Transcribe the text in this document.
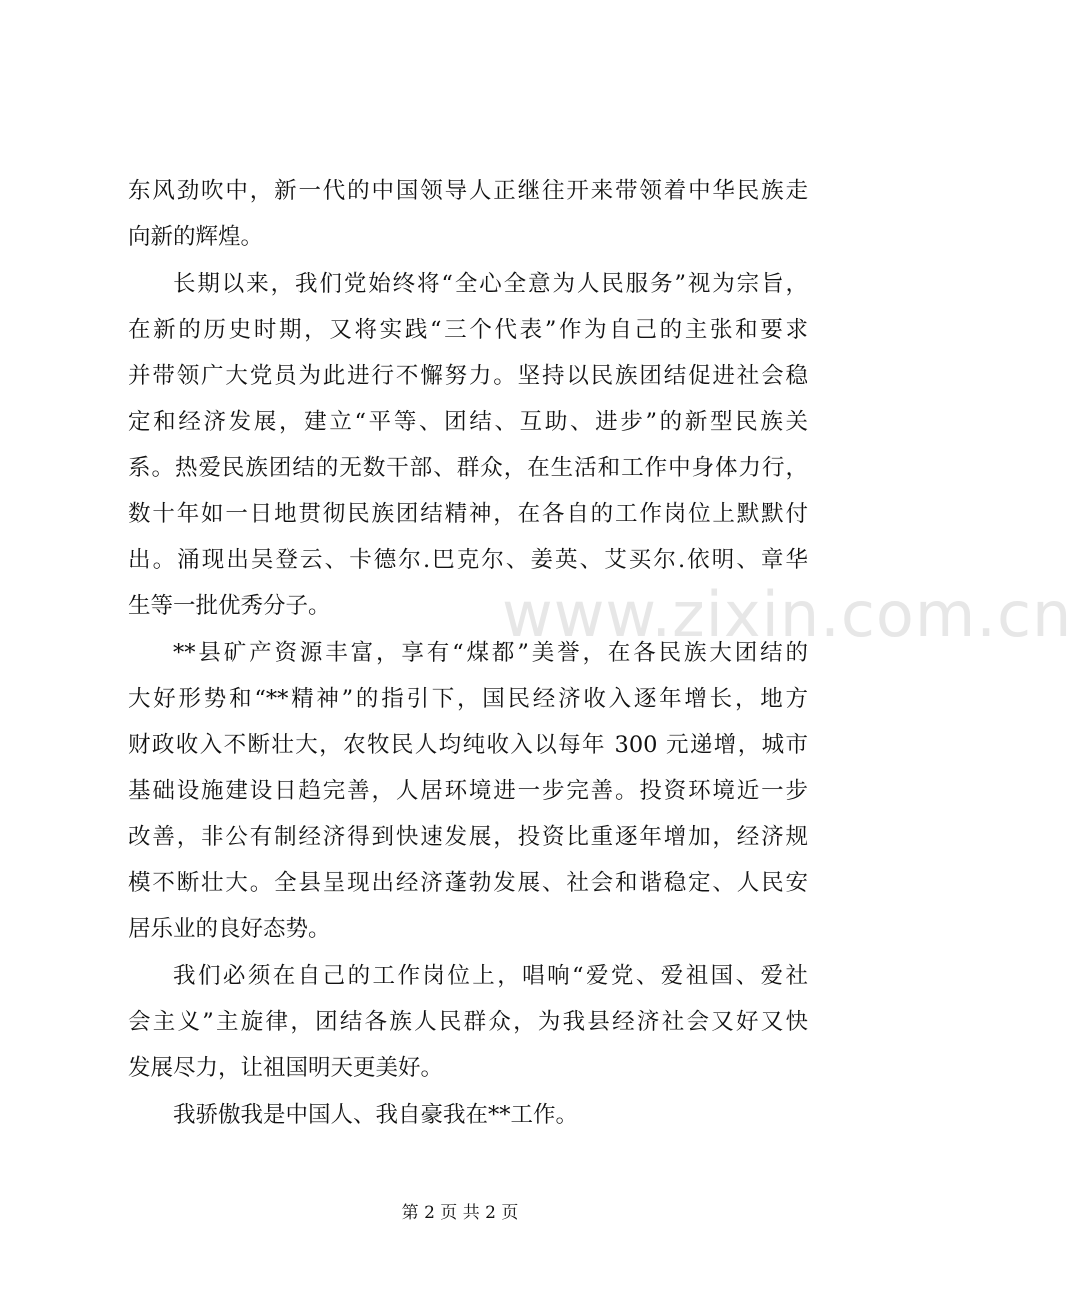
www.zixin.com.cn
东风劲吹中，新一代的中国领导人正继往开来带领着中华民族走
向新的辉煌。
长期以来，我们党始终将“全心全意为人民服务”视为宗旨，
在新的历史时期，又将实践“三个代表”作为自己的主张和要求
并带领广大党员为此进行不懈努力。坚持以民族团结促进社会稳
定和经济发展，建立“平等、团结、互助、进步”的新型民族关
系。热爱民族团结的无数干部、群众，在生活和工作中身体力行，
数十年如一日地贯彻民族团结精神，在各自的工作岗位上默默付
出。涌现出吴登云、卡德尔.巴克尔、姜英、艾买尔.依明、章华
生等一批优秀分子。
**县矿产资源丰富，享有“煤都”美誉，在各民族大团结的
大好形势和“**精神”的指引下，国民经济收入逐年增长，地方
财政收入不断壮大，农牧民人均纯收入以每年 300 元递增，城市
基础设施建设日趋完善，人居环境进一步完善。投资环境近一步
改善，非公有制经济得到快速发展，投资比重逐年增加，经济规
模不断壮大。全县呈现出经济蓬勃发展、社会和谐稳定、人民安
居乐业的良好态势。
我们必须在自己的工作岗位上，唱响“爱党、爱祖国、爱社
会主义”主旋律，团结各族人民群众，为我县经济社会又好又快
发展尽力，让祖国明天更美好。
我骄傲我是中国人、我自豪我在**工作。
第 2 页 共 2 页
